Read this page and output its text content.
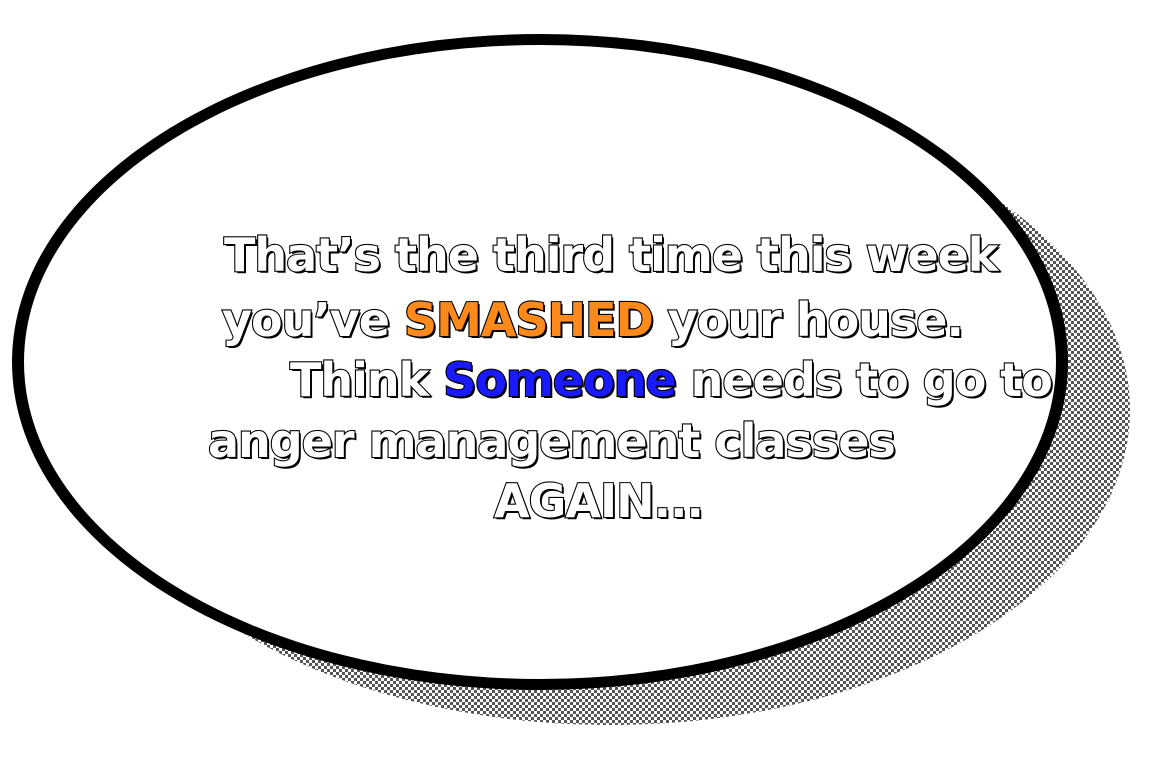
That’s the third time this week
you’ve SMASHED your house.
Think Someone needs to go to
anger management classes
AGAIN...
